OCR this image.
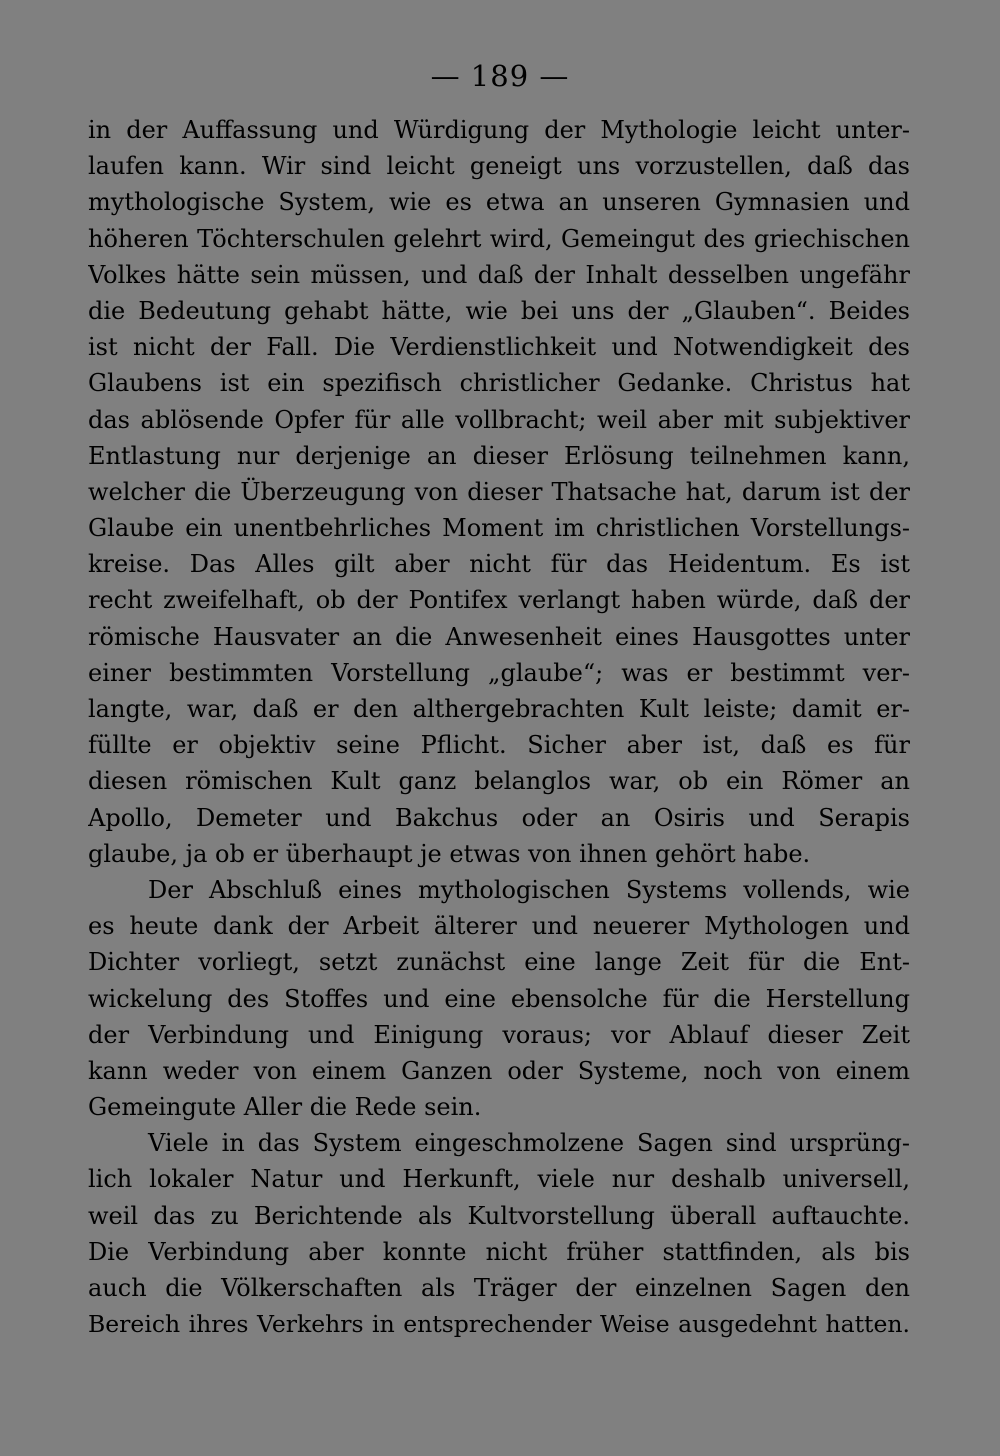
— 189 —
in der Auffassung und Würdigung der Mythologie leicht unter-
laufen kann. Wir sind leicht geneigt uns vorzustellen, daß das
mythologische System, wie es etwa an unseren Gymnasien und
höheren Töchterschulen gelehrt wird, Gemeingut des griechischen
Volkes hätte sein müssen, und daß der Inhalt desselben ungefähr
die Bedeutung gehabt hätte, wie bei uns der „Glauben“. Beides
ist nicht der Fall. Die Verdienstlichkeit und Notwendigkeit des
Glaubens ist ein spezifisch christlicher Gedanke. Christus hat
das ablösende Opfer für alle vollbracht; weil aber mit subjektiver
Entlastung nur derjenige an dieser Erlösung teilnehmen kann,
welcher die Überzeugung von dieser Thatsache hat, darum ist der
Glaube ein unentbehrliches Moment im christlichen Vorstellungs-
kreise. Das Alles gilt aber nicht für das Heidentum. Es ist
recht zweifelhaft, ob der Pontifex verlangt haben würde, daß der
römische Hausvater an die Anwesenheit eines Hausgottes unter
einer bestimmten Vorstellung „glaube“; was er bestimmt ver-
langte, war, daß er den althergebrachten Kult leiste; damit er-
füllte er objektiv seine Pflicht. Sicher aber ist, daß es für
diesen römischen Kult ganz belanglos war, ob ein Römer an
Apollo, Demeter und Bakchus oder an Osiris und Serapis
glaube, ja ob er überhaupt je etwas von ihnen gehört habe.
Der Abschluß eines mythologischen Systems vollends, wie
es heute dank der Arbeit älterer und neuerer Mythologen und
Dichter vorliegt, setzt zunächst eine lange Zeit für die Ent-
wickelung des Stoffes und eine ebensolche für die Herstellung
der Verbindung und Einigung voraus; vor Ablauf dieser Zeit
kann weder von einem Ganzen oder Systeme, noch von einem
Gemeingute Aller die Rede sein.
Viele in das System eingeschmolzene Sagen sind ursprüng-
lich lokaler Natur und Herkunft, viele nur deshalb universell,
weil das zu Berichtende als Kultvorstellung überall auftauchte.
Die Verbindung aber konnte nicht früher stattfinden, als bis
auch die Völkerschaften als Träger der einzelnen Sagen den
Bereich ihres Verkehrs in entsprechender Weise ausgedehnt hatten.
